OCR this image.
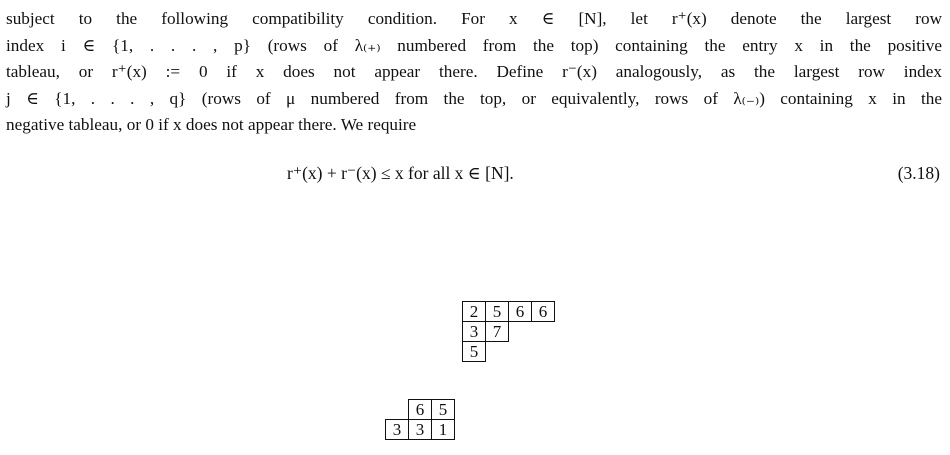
subject to the following compatibility condition. For x ∈ [N], let r⁺(x) denote the largest row
index i ∈ {1, . . . , p} (rows of λ₍₊₎ numbered from the top) containing the entry x in the positive
tableau, or r⁺(x) := 0 if x does not appear there. Define r⁻(x) analogously, as the largest row index
j ∈ {1, . . . , q} (rows of μ numbered from the top, or equivalently, rows of λ₍₋₎) containing x in the
negative tableau, or 0 if x does not appear there. We require
r⁺(x) + r⁻(x) ≤ x for all x ∈ [N].	(3.18)
2 5 6 6
3 7
5
6 5
3 3 1
